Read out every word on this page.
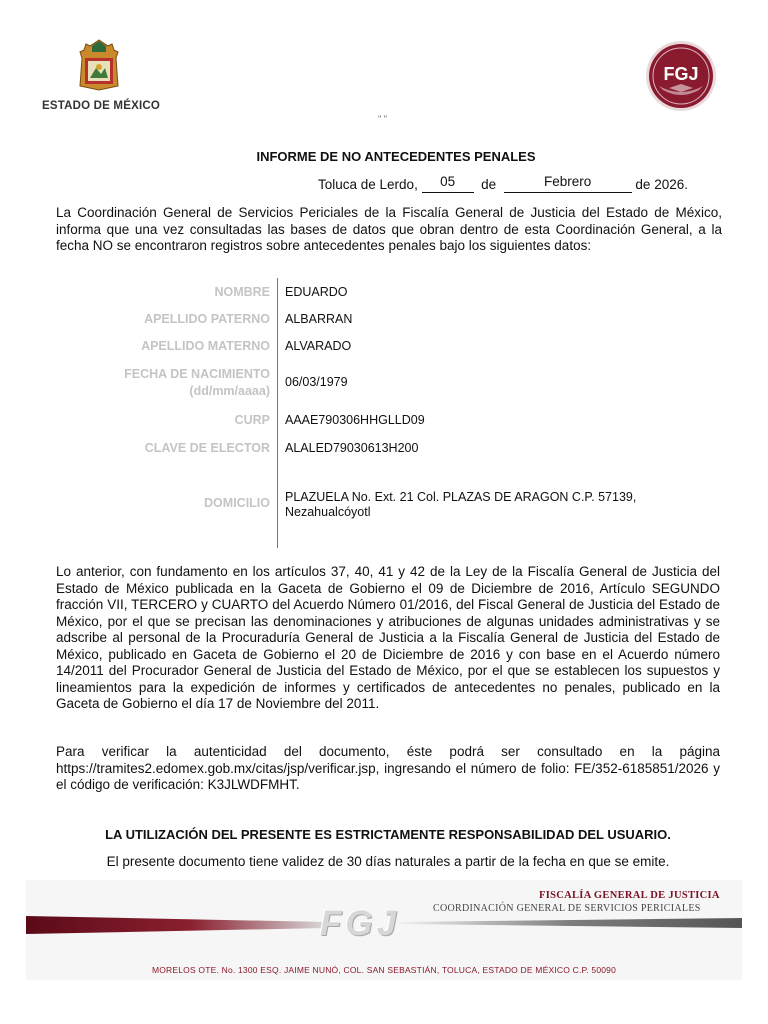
ESTADO DE MÉXICO
FGJ
" "
INFORME DE NO ANTECEDENTES PENALES
Toluca de Lerdo, 05 de	Febrero	de 2026.
La Coordinación General de Servicios Periciales de la Fiscalía General de Justicia del Estado de México, informa que una vez consultadas las bases de datos que obran dentro de esta Coordinación General, a la fecha NO se encontraron registros sobre antecedentes penales bajo los siguientes datos:
NOMBRE EDUARDO
APELLIDO PATERNO ALBARRAN
APELLIDO MATERNO ALVARADO
FECHA DE NACIMIENTO
(dd/mm/aaaa)
06/03/1979
CURP AAAE790306HHGLLD09
CLAVE DE ELECTOR ALALED79030613H200
DOMICILIO PLAZUELA No. Ext. 21 Col. PLAZAS DE ARAGON C.P. 57139,
Nezahualcóyotl
Lo anterior, con fundamento en los artículos 37, 40, 41 y 42 de la Ley de la Fiscalía General de Justicia del Estado de México publicada en la Gaceta de Gobierno el 09 de Diciembre de 2016, Artículo SEGUNDO fracción VII, TERCERO y CUARTO del Acuerdo Número 01/2016, del Fiscal General de Justicia del Estado de México, por el que se precisan las denominaciones y atribuciones de algunas unidades administrativas y se adscribe al personal de la Procuraduría General de Justicia a la Fiscalía General de Justicia del Estado de México, publicado en Gaceta de Gobierno el 20 de Diciembre de 2016 y con base en el Acuerdo número 14/2011 del Procurador General de Justicia del Estado de México, por el que se establecen los supuestos y lineamientos para la expedición de informes y certificados de antecedentes no penales, publicado en la Gaceta de Gobierno el día 17 de Noviembre del 2011.
Para verificar la autenticidad del documento, éste podrá ser consultado en la página https://tramites2.edomex.gob.mx/citas/jsp/verificar.jsp, ingresando el número de folio: FE/352-6185851/2026 y el código de verificación: K3JLWDFMHT.
LA UTILIZACIÓN DEL PRESENTE ES ESTRICTAMENTE RESPONSABILIDAD DEL USUARIO.
El presente documento tiene validez de 30 días naturales a partir de la fecha en que se emite.
FGJ
FISCALÍA GENERAL DE JUSTICIA
COORDINACIÓN GENERAL DE SERVICIOS PERICIALES
MORELOS OTE. No. 1300 ESQ. JAIME NUNÓ, COL. SAN SEBASTIÁN, TOLUCA, ESTADO DE MÉXICO C.P. 50090
